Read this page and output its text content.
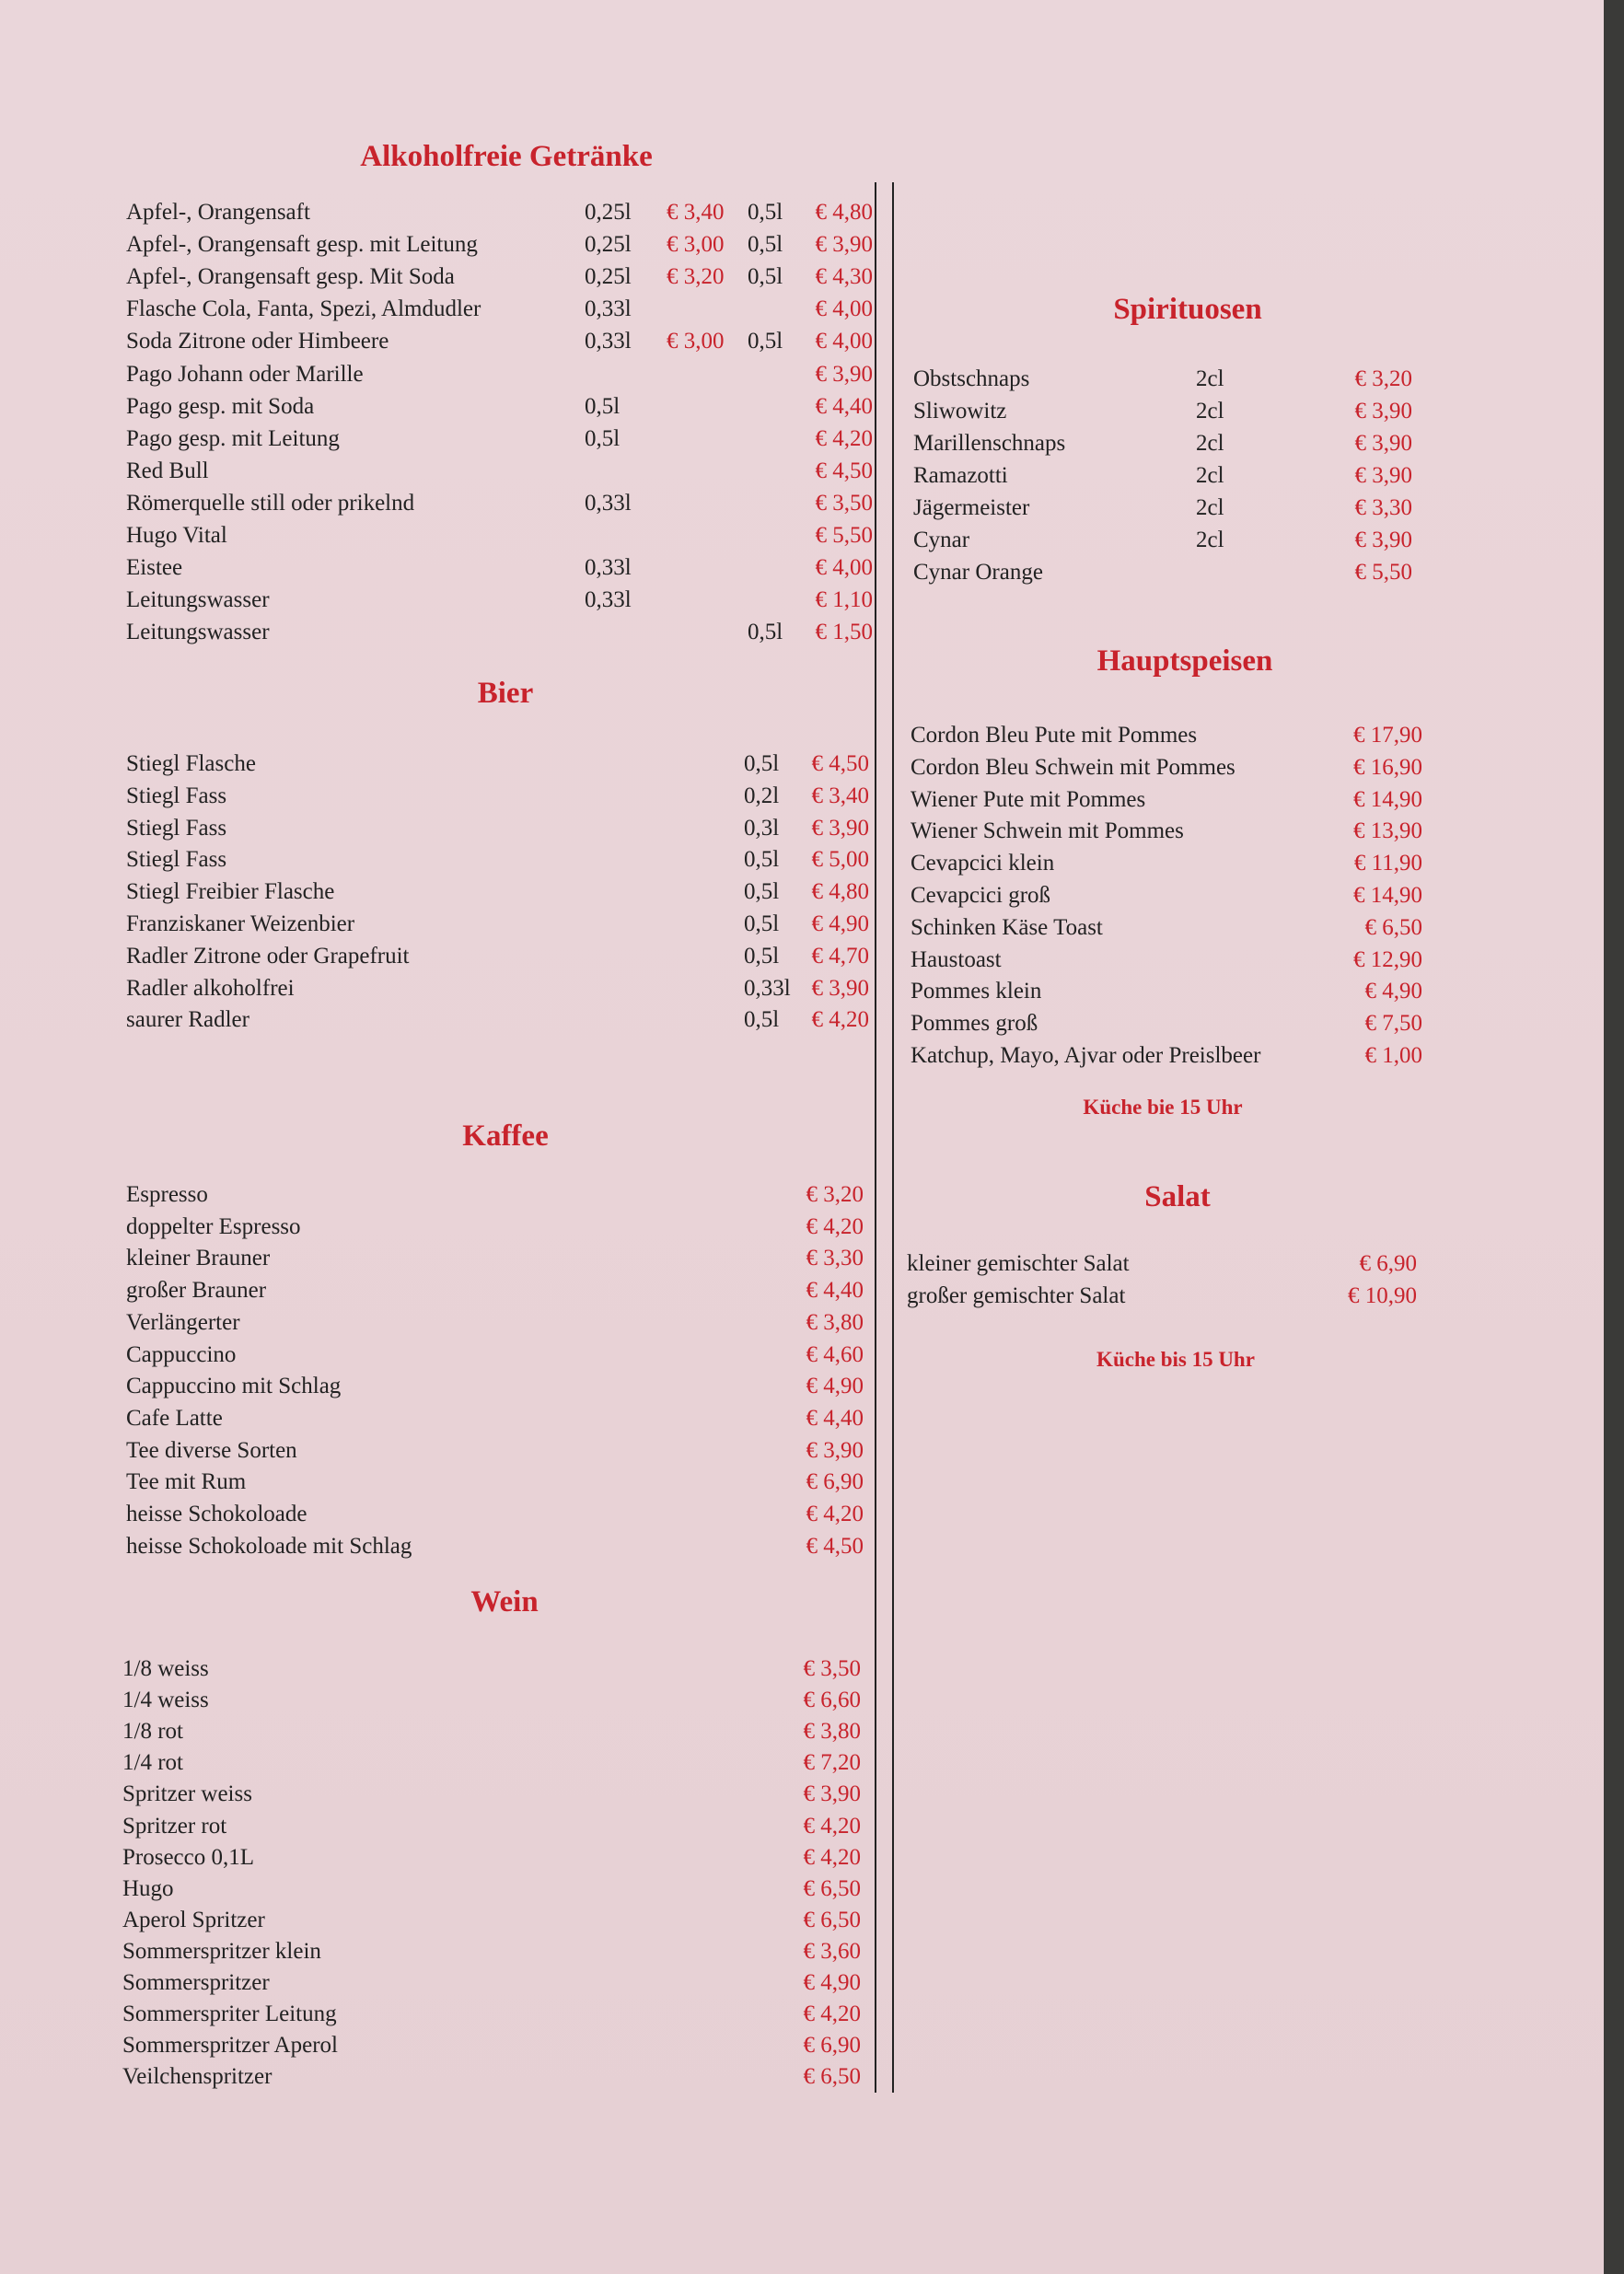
Alkoholfreie Getränke
Bier
Kaffee
Wein
Spirituosen
Hauptspeisen
Salat
Küche bie 15 Uhr
Küche bis 15 Uhr
Apfel-, Orangensaft	0,25l € 3,40 0,5l € 4,80
Apfel-, Orangensaft gesp. mit Leitung	0,25l € 3,00 0,5l € 3,90
Apfel-, Orangensaft gesp. Mit Soda	0,25l € 3,20 0,5l € 4,30
Flasche Cola, Fanta, Spezi, Almdudler	0,33l	€ 4,00
Soda Zitrone oder Himbeere	0,33l € 3,00 0,5l € 4,00
Pago Johann oder Marille	€ 3,90
Pago gesp. mit Soda	0,5l	€ 4,40
Pago gesp. mit Leitung	0,5l	€ 4,20
Red Bull	€ 4,50
Römerquelle still oder prikelnd	0,33l	€ 3,50
Hugo Vital	€ 5,50
Eistee	0,33l	€ 4,00
Leitungswasser	0,33l	€ 1,10
Leitungswasser	0,5l € 1,50
Stiegl Flasche	0,5l € 4,50
Stiegl Fass	0,2l € 3,40
Stiegl Fass	0,3l € 3,90
Stiegl Fass	0,5l € 5,00
Stiegl Freibier Flasche	0,5l € 4,80
Franziskaner Weizenbier	0,5l € 4,90
Radler Zitrone oder Grapefruit	0,5l € 4,70
Radler alkoholfrei	0,33l € 3,90
saurer Radler	0,5l € 4,20
Espresso	€ 3,20
doppelter Espresso	€ 4,20
kleiner Brauner	€ 3,30
großer Brauner	€ 4,40
Verlängerter	€ 3,80
Cappuccino	€ 4,60
Cappuccino mit Schlag	€ 4,90
Cafe Latte	€ 4,40
Tee diverse Sorten	€ 3,90
Tee mit Rum	€ 6,90
heisse Schokoloade	€ 4,20
heisse Schokoloade mit Schlag	€ 4,50
1/8 weiss	€ 3,50
1/4 weiss	€ 6,60
1/8 rot	€ 3,80
1/4 rot	€ 7,20
Spritzer weiss	€ 3,90
Spritzer rot	€ 4,20
Prosecco 0,1L	€ 4,20
Hugo	€ 6,50
Aperol Spritzer	€ 6,50
Sommerspritzer klein	€ 3,60
Sommerspritzer	€ 4,90
Sommerspriter Leitung	€ 4,20
Sommerspritzer Aperol	€ 6,90
Veilchenspritzer	€ 6,50
Obstschnaps	2cl	€ 3,20
Sliwowitz	2cl	€ 3,90
Marillenschnaps	2cl	€ 3,90
Ramazotti	2cl	€ 3,90
Jägermeister	2cl	€ 3,30
Cynar	2cl	€ 3,90
Cynar Orange	€ 5,50
Cordon Bleu Pute mit Pommes	€ 17,90
Cordon Bleu Schwein mit Pommes	€ 16,90
Wiener Pute mit Pommes	€ 14,90
Wiener Schwein mit Pommes	€ 13,90
Cevapcici klein	€ 11,90
Cevapcici groß	€ 14,90
Schinken Käse Toast	€ 6,50
Haustoast	€ 12,90
Pommes klein	€ 4,90
Pommes groß	€ 7,50
Katchup, Mayo, Ajvar oder Preislbeer	€ 1,00
kleiner gemischter Salat	€ 6,90
großer gemischter Salat	€ 10,90
